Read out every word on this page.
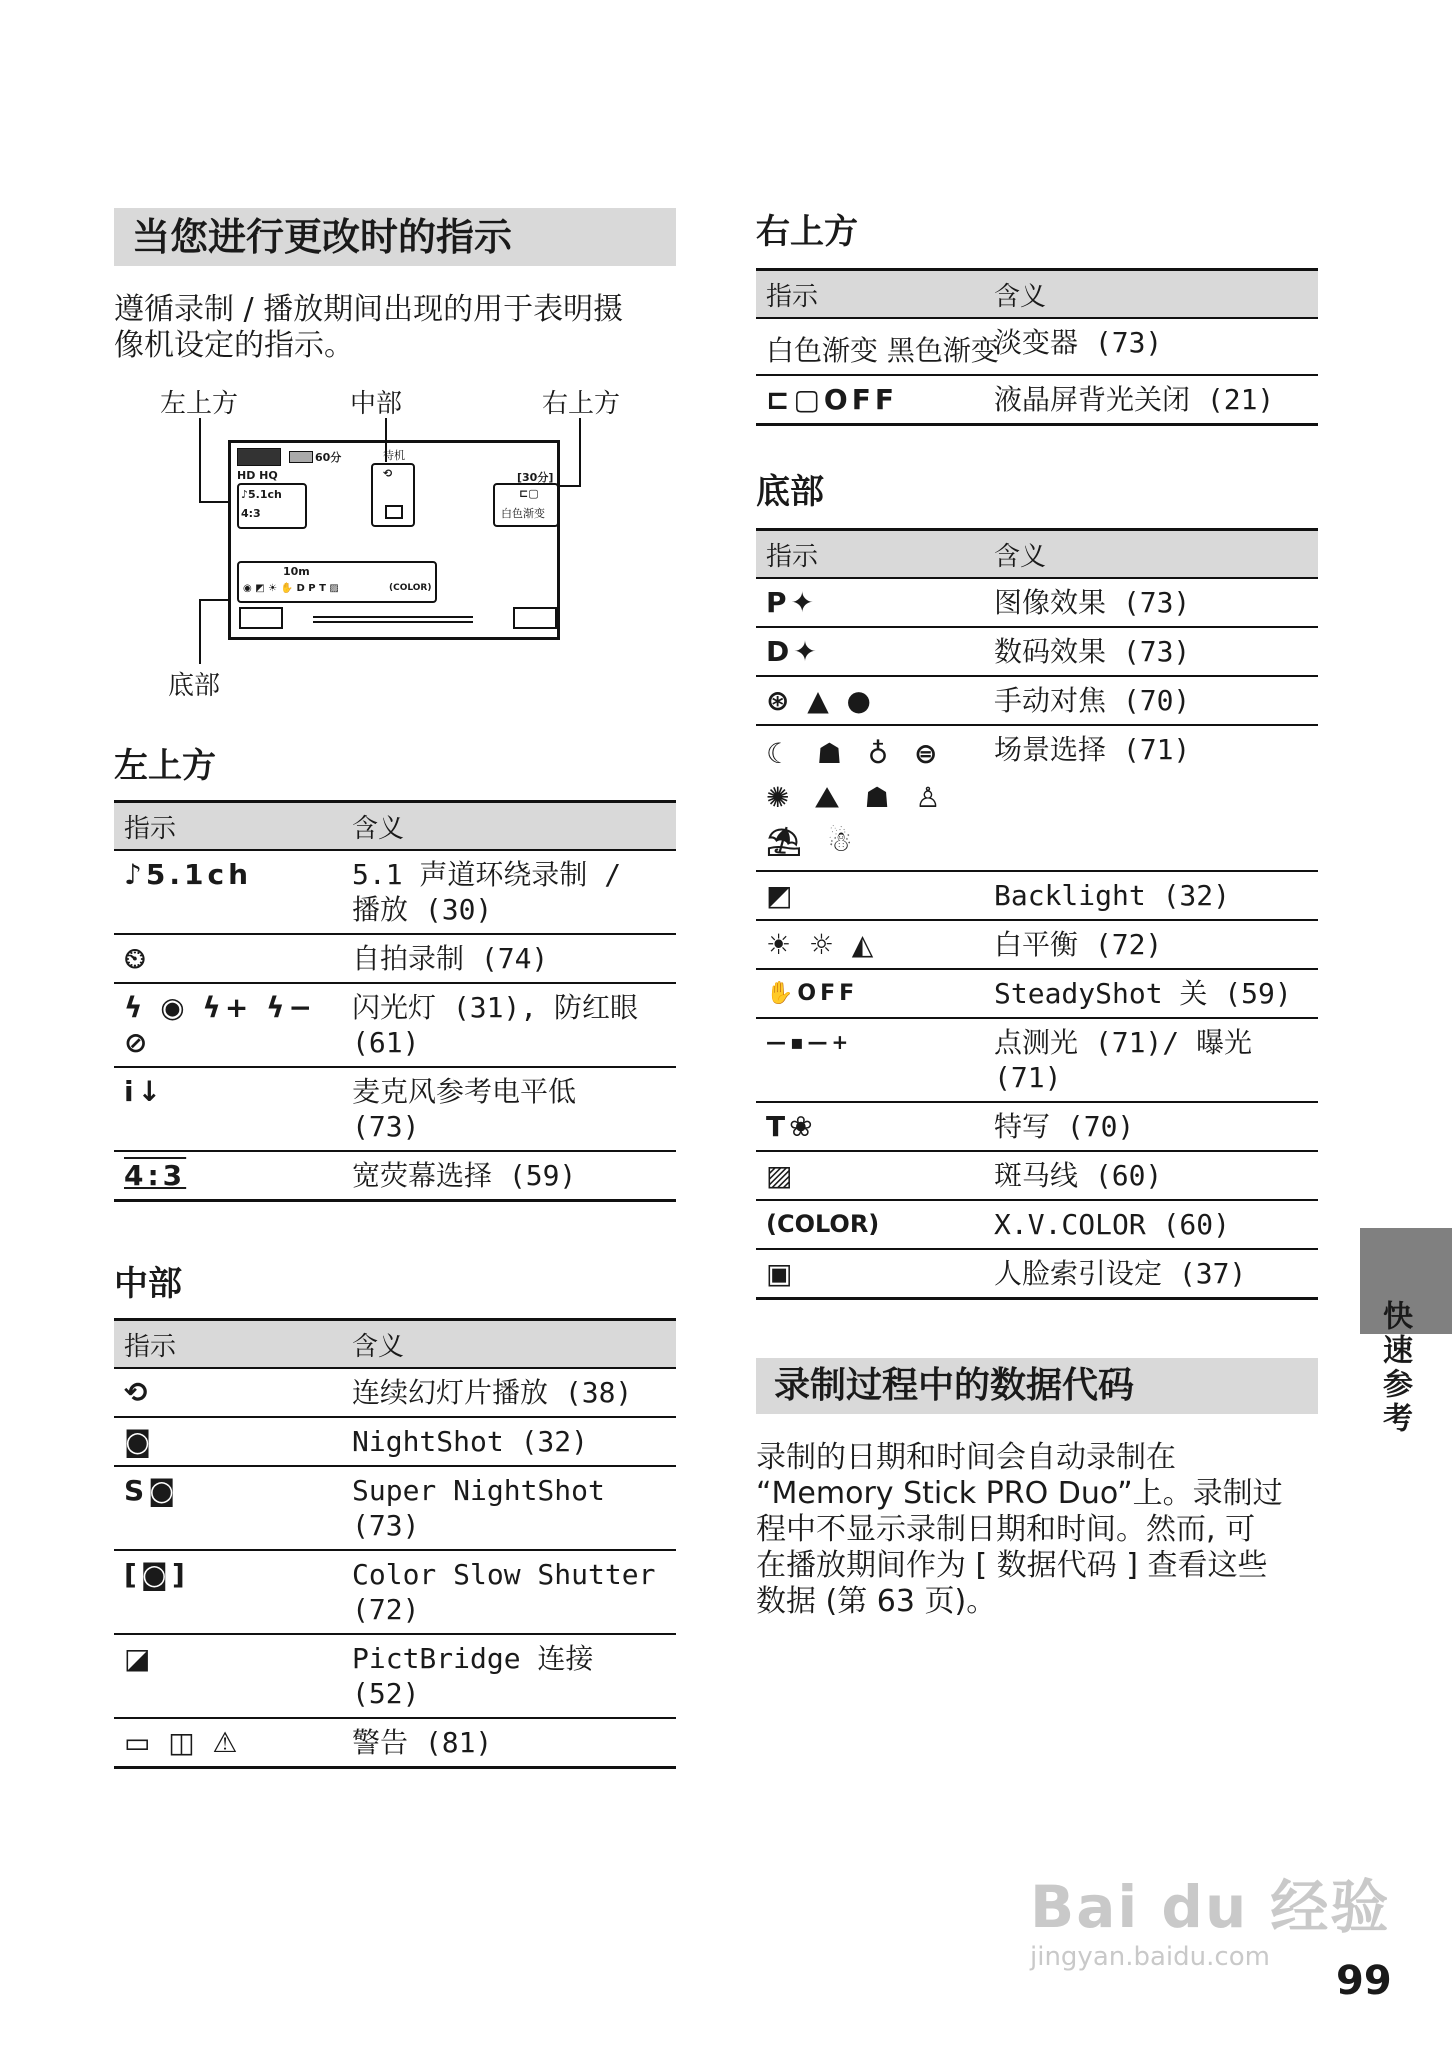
当您进行更改时的指示
遵循录制 / 播放期间出现的用于表明摄
像机设定的指示。
左上方	中部	右上方
底部
60分
HD HQ
♪5.1ch
4:3
待机
⟲	[30分]
⊏▢
白色渐变
10m
(COLOR)
◉ ◩ ☀ ✋ D P T ▨
左上方
指示	含义
♪5.1ch	5.1 声道环绕录制 /
播放 (30)

⏲	自拍录制 (74)

ϟ ◉ ϟ+ ϟ− ⊘	闪光灯 (31), 防红眼
(61)

i↓	麦克风参考电平低
(73)

4:3	宽荧幕选择 (59)
中部
指示	含义
⟲	连续幻灯片播放 (38)

◙	NightShot (32)

S◙	Super NightShot (73)

[◙]	Color Slow Shutter
(72)

◪	PictBridge 连接 (52)

▭ ◫ ⚠	警告 (81)
右上方
指示	含义
白色渐变 黑色渐变	淡变器 (73)

⊏▢OFF	液晶屏背光关闭 (21)
底部
指示	含义
P✦	图像效果 (73)

D✦	数码效果 (73)

⊛ ▲ ●	手动对焦 (70)

☾ ☗ ♁ ⊜ ✺ ⛰ ☗ ♙ ⛱ ☃	场景选择 (71)

◩	Backlight (32)

☀ ☼ ◭	白平衡 (72)

✋OFF	SteadyShot 关 (59)

—▪—+	点测光 (71)/ 曝光
(71)

T❀	特写 (70)

▨	斑马线 (60)

(COLOR)	X.V.COLOR (60)

▣	人脸索引设定 (37)
录制过程中的数据代码
录制的日期和时间会自动录制在
“Memory Stick PRO Duo”上。录制过
程中不显示录制日期和时间。然而, 可
在播放期间作为 [ 数据代码 ] 查看这些
数据 (第 63 页)。
快速参考
Bai du 经验
jingyan.baidu.com
99
